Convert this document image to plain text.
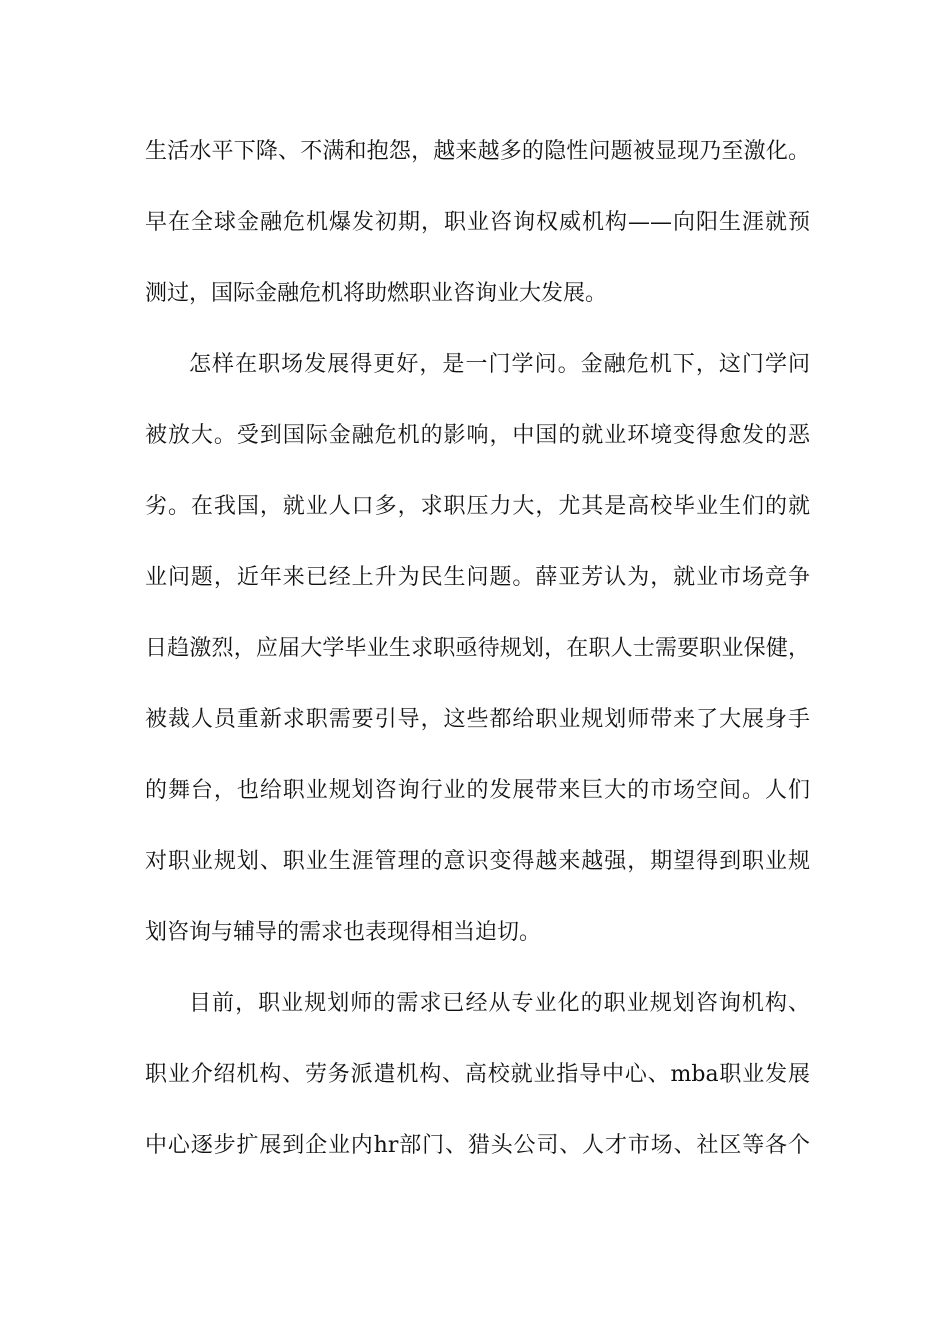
生活水平下降、不满和抱怨，越来越多的隐性问题被显现乃至激化。
早在全球金融危机爆发初期，职业咨询权威机构——向阳生涯就预
测过，国际金融危机将助燃职业咨询业大发展。
怎样在职场发展得更好，是一门学问。金融危机下，这门学问
被放大。受到国际金融危机的影响，中国的就业环境变得愈发的恶
劣。在我国，就业人口多，求职压力大，尤其是高校毕业生们的就
业问题，近年来已经上升为民生问题。薛亚芳认为，就业市场竞争
日趋激烈，应届大学毕业生求职亟待规划，在职人士需要职业保健，
被裁人员重新求职需要引导，这些都给职业规划师带来了大展身手
的舞台，也给职业规划咨询行业的发展带来巨大的市场空间。人们
对职业规划、职业生涯管理的意识变得越来越强，期望得到职业规
划咨询与辅导的需求也表现得相当迫切。
目前，职业规划师的需求已经从专业化的职业规划咨询机构、
职业介绍机构、劳务派遣机构、高校就业指导中心、mba职业发展
中心逐步扩展到企业内hr部门、猎头公司、人才市场、社区等各个
